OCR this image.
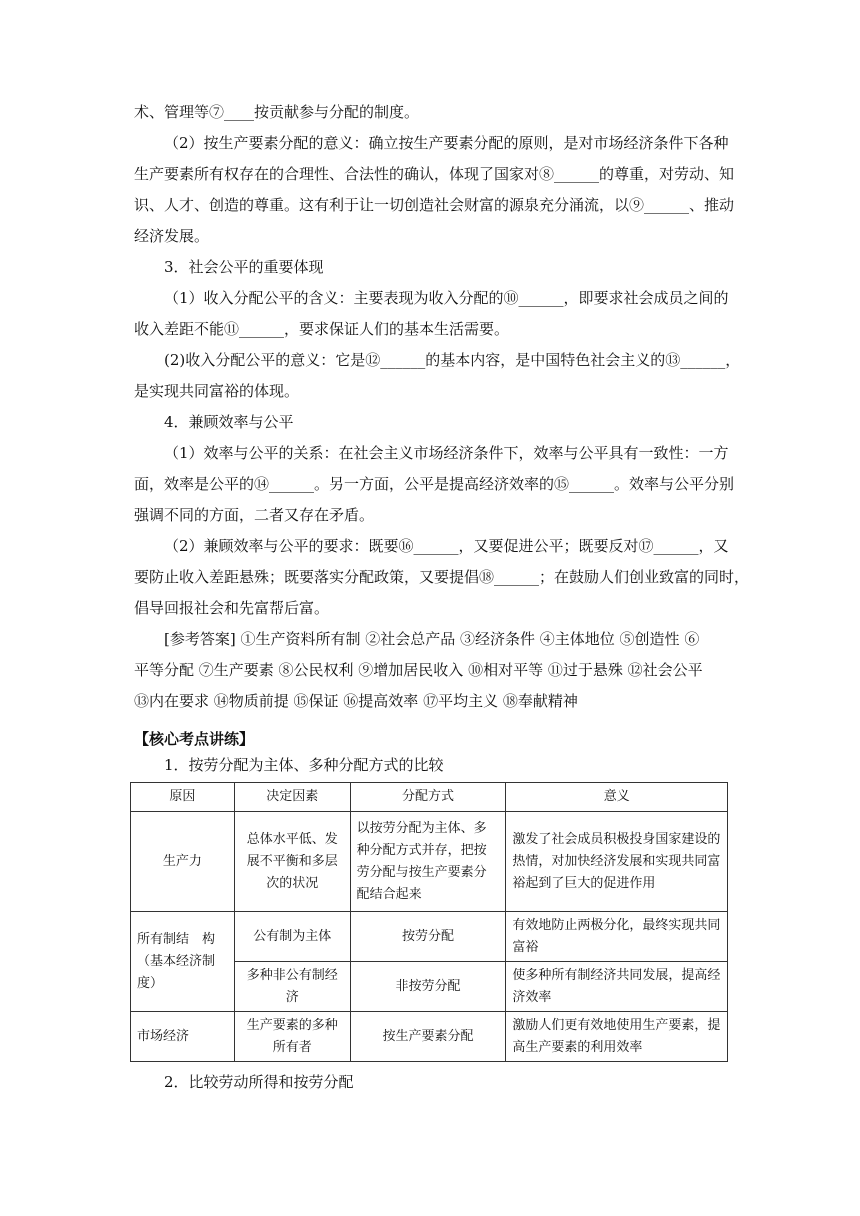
术、管理等⑦____按贡献参与分配的制度。
（2）按生产要素分配的意义：确立按生产要素分配的原则，是对市场经济条件下各种
生产要素所有权存在的合理性、合法性的确认，体现了国家对⑧______的尊重，对劳动、知
识、人才、创造的尊重。这有利于让一切创造社会财富的源泉充分涌流，以⑨______、推动
经济发展。
3．社会公平的重要体现
（1）收入分配公平的含义：主要表现为收入分配的⑩______，即要求社会成员之间的
收入差距不能⑪______，要求保证人们的基本生活需要。
(2)收入分配公平的意义：它是⑫______的基本内容，是中国特色社会主义的⑬______，
是实现共同富裕的体现。
4．兼顾效率与公平
（1）效率与公平的关系：在社会主义市场经济条件下，效率与公平具有一致性：一方
面，效率是公平的⑭______。另一方面，公平是提高经济效率的⑮______。效率与公平分别
强调不同的方面，二者又存在矛盾。
（2）兼顾效率与公平的要求：既要⑯______，又要促进公平；既要反对⑰______，又
要防止收入差距悬殊；既要落实分配政策，又要提倡⑱______；在鼓励人们创业致富的同时，
倡导回报社会和先富帮后富。
[参考答案] ①生产资料所有制 ②社会总产品 ③经济条件 ④主体地位 ⑤创造性 ⑥
平等分配 ⑦生产要素 ⑧公民权利 ⑨增加居民收入 ⑩相对平等 ⑪过于悬殊 ⑫社会公平
⑬内在要求 ⑭物质前提 ⑮保证 ⑯提高效率 ⑰平均主义 ⑱奉献精神
【核心考点讲练】
1．按劳分配为主体、多种分配方式的比较
原因	决定因素	分配方式	意义
生产力	总体水平低、发展不平衡和多层次的状况	以按劳分配为主体、多种分配方式并存，把按劳分配与按生产要素分配结合起来	激发了社会成员积极投身国家建设的热情，对加快经济发展和实现共同富裕起到了巨大的促进作用
所有制结　构（基本经济制度）	公有制为主体	按劳分配	有效地防止两极分化，最终实现共同富裕
	多种非公有制经济	非按劳分配	使多种所有制经济共同发展，提高经济效率
市场经济	生产要素的多种所有者	按生产要素分配	激励人们更有效地使用生产要素，提高生产要素的利用效率
2．比较劳动所得和按劳分配
